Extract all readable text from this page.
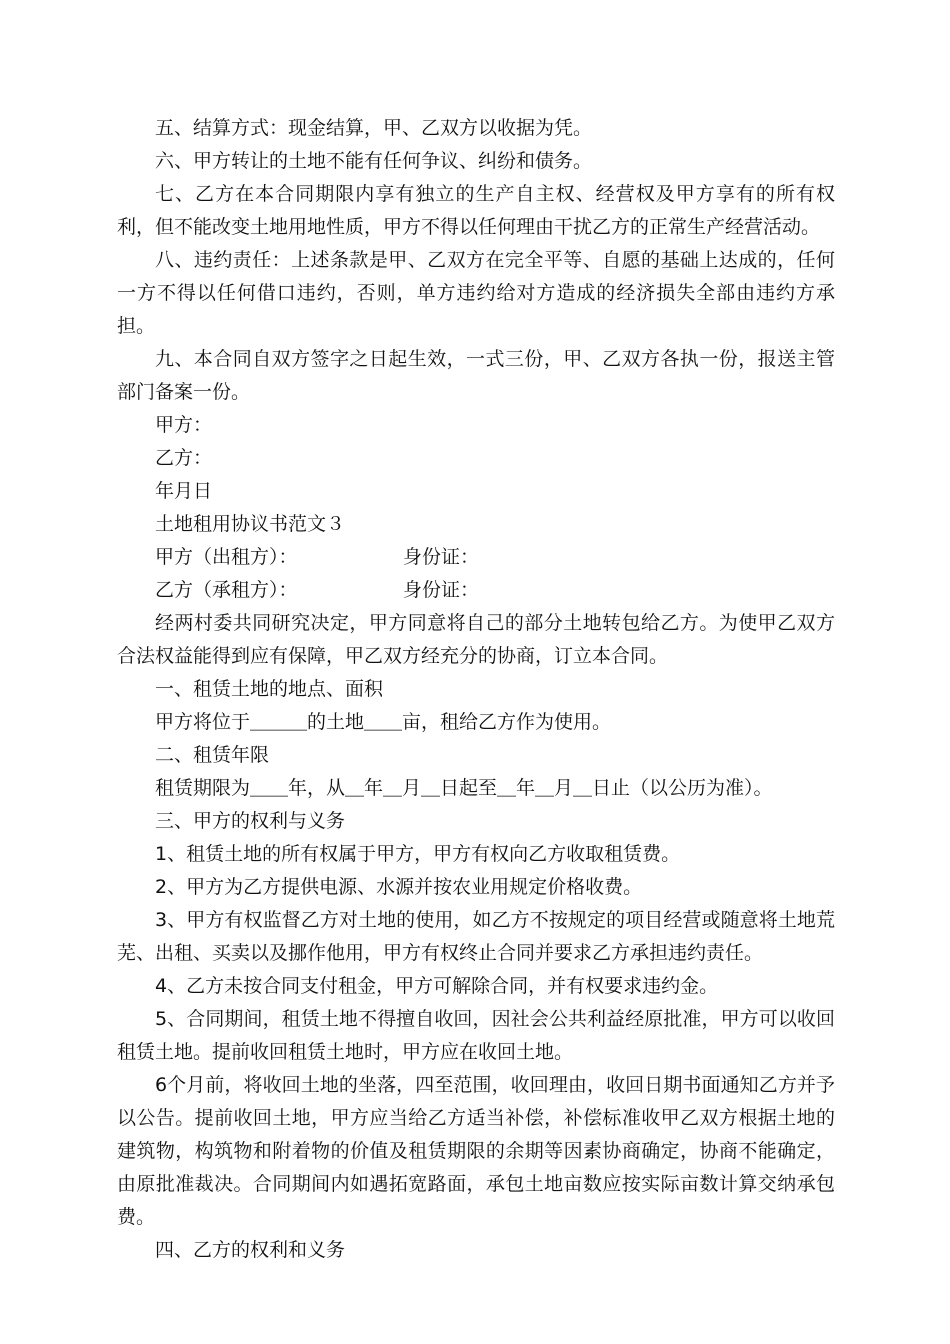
五、结算方式：现金结算，甲、乙双方以收据为凭。

六、甲方转让的土地不能有任何争议、纠纷和债务。

七、乙方在本合同期限内享有独立的生产自主权、经营权及甲方享有的所有权利，但不能改变土地用地性质，甲方不得以任何理由干扰乙方的正常生产经营活动。

八、违约责任：上述条款是甲、乙双方在完全平等、自愿的基础上达成的，任何一方不得以任何借口违约，否则，单方违约给对方造成的经济损失全部由违约方承担。

九、本合同自双方签字之日起生效，一式三份，甲、乙双方各执一份，报送主管部门备案一份。

甲方：

乙方：

年月日

土地租用协议书范文３

甲方（出租方）：	身份证：
乙方（承租方）：	身份证：

经两村委共同研究决定，甲方同意将自己的部分土地转包给乙方。为使甲乙双方合法权益能得到应有保障，甲乙双方经充分的协商，订立本合同。

一、租赁土地的地点、面积

甲方将位于＿＿＿的土地＿＿亩，租给乙方作为使用。

二、租赁年限

租赁期限为＿＿年，从＿年＿月＿日起至＿年＿月＿日止（以公历为准）。

三、甲方的权利与义务

1、租赁土地的所有权属于甲方，甲方有权向乙方收取租赁费。

2、甲方为乙方提供电源、水源并按农业用规定价格收费。

3、甲方有权监督乙方对土地的使用，如乙方不按规定的项目经营或随意将土地荒芜、出租、买卖以及挪作他用，甲方有权终止合同并要求乙方承担违约责任。

4、乙方未按合同支付租金，甲方可解除合同，并有权要求违约金。

5、合同期间，租赁土地不得擅自收回，因社会公共利益经原批准，甲方可以收回租赁土地。提前收回租赁土地时，甲方应在收回土地。

6个月前，将收回土地的坐落，四至范围，收回理由，收回日期书面通知乙方并予以公告。提前收回土地，甲方应当给乙方适当补偿，补偿标准收甲乙双方根据土地的建筑物，构筑物和附着物的价值及租赁期限的余期等因素协商确定，协商不能确定，由原批准裁决。合同期间内如遇拓宽路面，承包土地亩数应按实际亩数计算交纳承包费。

四、乙方的权利和义务
